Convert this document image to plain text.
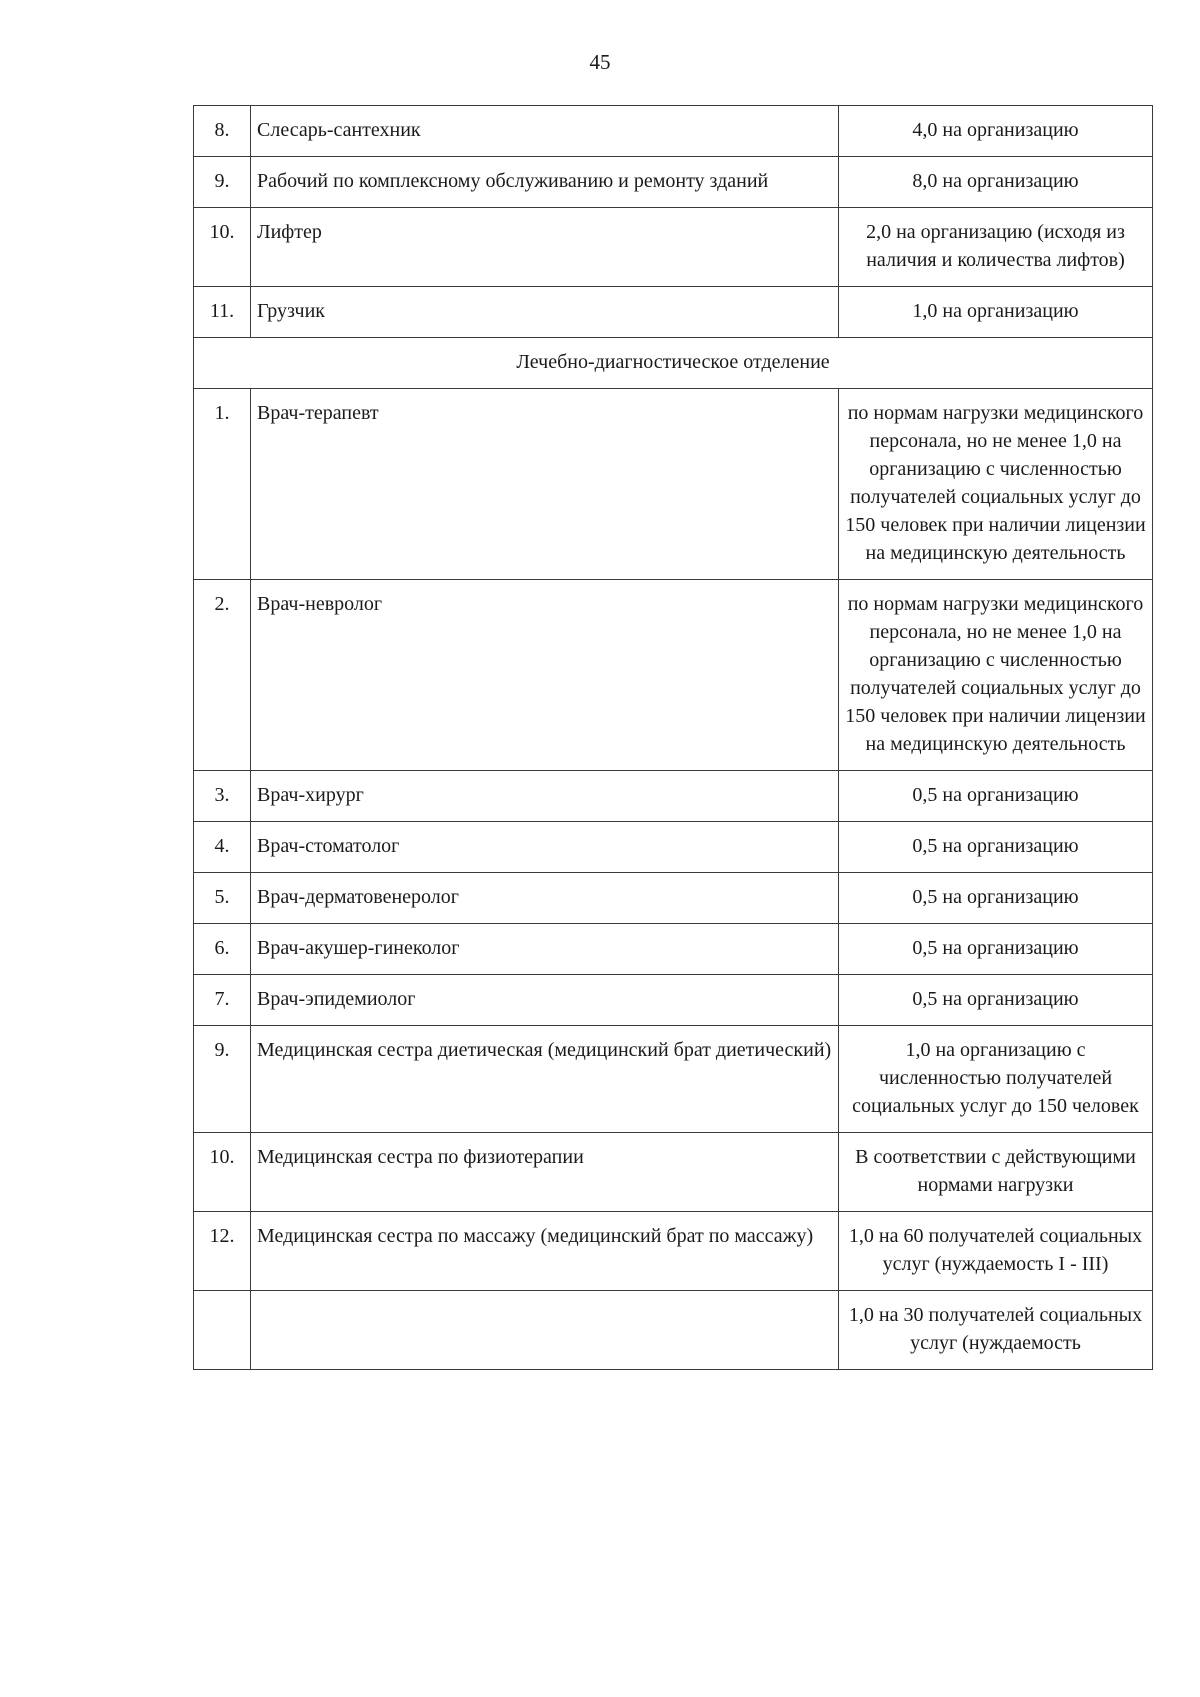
45
8.	Слесарь-сантехник	4,0 на организацию
9.	Рабочий по комплексному обслуживанию и ремонту зданий	8,0 на организацию
10.	Лифтер	2,0 на организацию (исходя из наличия и количества лифтов)
11.	Грузчик	1,0 на организацию
Лечебно-диагностическое отделение		
1.	Врач-терапевт	по нормам нагрузки медицинского персонала, но не менее 1,0 на организацию с численностью получателей социальных услуг до 150 человек при наличии лицензии на медицинскую деятельность
2.	Врач-невролог	по нормам нагрузки медицинского персонала, но не менее 1,0 на организацию с численностью получателей социальных услуг до 150 человек при наличии лицензии на медицинскую деятельность
3.	Врач-хирург	0,5 на организацию
4.	Врач-стоматолог	0,5 на организацию
5.	Врач-дерматовенеролог	0,5 на организацию
6.	Врач-акушер-гинеколог	0,5 на организацию
7.	Врач-эпидемиолог	0,5 на организацию
9.	Медицинская сестра диетическая (медицинский брат диетический)	1,0 на организацию с численностью получателей социальных услуг до 150 человек
10.	Медицинская сестра по физиотерапии	В соответствии с действующими нормами нагрузки
12.	Медицинская сестра по массажу (медицинский брат по массажу)	1,0 на 60 получателей социальных услуг (нуждаемость I - III)
		1,0 на 30 получателей социальных услуг (нуждаемость
